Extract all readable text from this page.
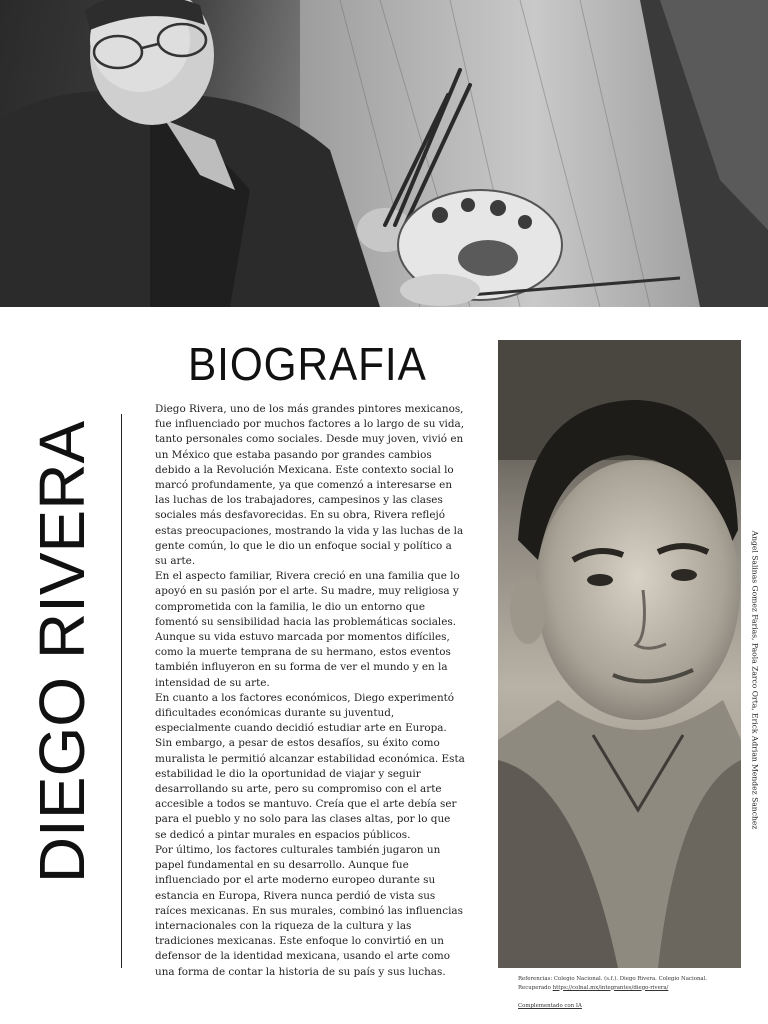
BIOGRAFIA
DIEGO RIVERA

Diego Rivera, uno de los más grandes pintores mexicanos, fue influenciado por muchos factores a lo largo de su vida, tanto personales como sociales. Desde muy joven, vivió en un México que estaba pasando por grandes cambios debido a la Revolución Mexicana. Este contexto social lo marcó profundamente, ya que comenzó a interesarse en las luchas de los trabajadores, campesinos y las clases sociales más desfavorecidas. En su obra, Rivera reflejó estas preocupaciones, mostrando la vida y las luchas de la gente común, lo que le dio un enfoque social y político a su arte.

En el aspecto familiar, Rivera creció en una familia que lo apoyó en su pasión por el arte. Su madre, muy religiosa y comprometida con la familia, le dio un entorno que fomentó su sensibilidad hacia las problemáticas sociales. Aunque su vida estuvo marcada por momentos difíciles, como la muerte temprana de su hermano, estos eventos también influyeron en su forma de ver el mundo y en la intensidad de su arte.

En cuanto a los factores económicos, Diego experimentó dificultades económicas durante su juventud, especialmente cuando decidió estudiar arte en Europa. Sin embargo, a pesar de estos desafíos, su éxito como muralista le permitió alcanzar estabilidad económica. Esta estabilidad le dio la oportunidad de viajar y seguir desarrollando su arte, pero su compromiso con el arte accesible a todos se mantuvo. Creía que el arte debía ser para el pueblo y no solo para las clases altas, por lo que se dedicó a pintar murales en espacios públicos.

Por último, los factores culturales también jugaron un papel fundamental en su desarrollo. Aunque fue influenciado por el arte moderno europeo durante su estancia en Europa, Rivera nunca perdió de vista sus raíces mexicanas. En sus murales, combinó las influencias internacionales con la riqueza de la cultura y las tradiciones mexicanas. Este enfoque lo convirtió en un defensor de la identidad mexicana, usando el arte como una forma de contar la historia de su país y sus luchas.

Angel Salinas Gomez Farias, Paola Zarco Orta, Erick Adrian Mendez Sanchez
Referencias: Colegio Nacional. (s.f.). Diego Rivera. Colegio Nacional.
Recuperado https://colnal.mx/integrantes/diego-rivera/
Complementado con IA
